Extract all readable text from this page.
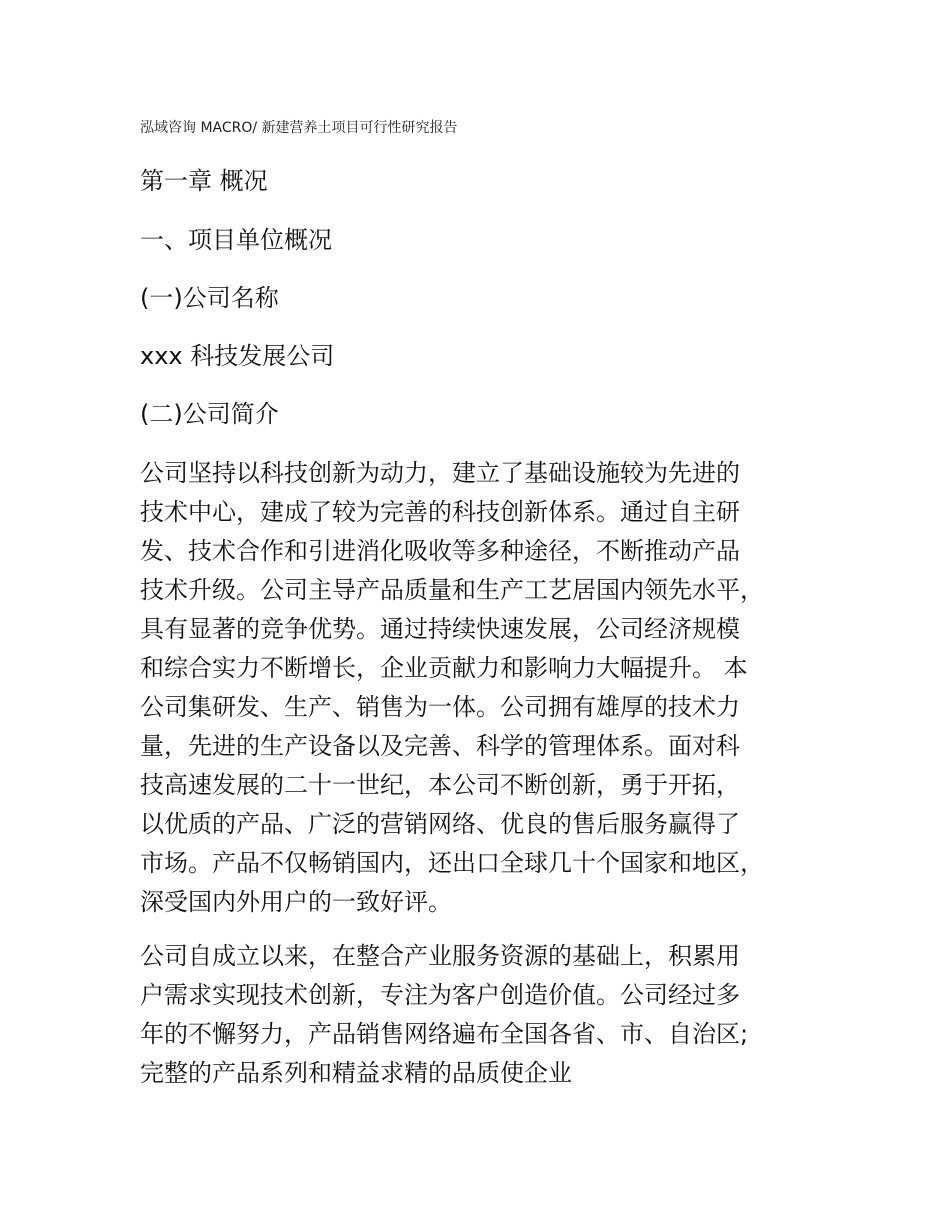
泓域咨询 MACRO/ 新建营养土项目可行性研究报告
第一章 概况
一、项目单位概况
(一)公司名称
xxx 科技发展公司
(二)公司简介

公司坚持以科技创新为动力，建立了基础设施较为先进的
技术中心，建成了较为完善的科技创新体系。通过自主研
发、技术合作和引进消化吸收等多种途径，不断推动产品
技术升级。公司主导产品质量和生产工艺居国内领先水平，
具有显著的竞争优势。通过持续快速发展，公司经济规模
和综合实力不断增长，企业贡献力和影响力大幅提升。 本
公司集研发、生产、销售为一体。公司拥有雄厚的技术力
量，先进的生产设备以及完善、科学的管理体系。面对科
技高速发展的二十一世纪，本公司不断创新，勇于开拓，
以优质的产品、广泛的营销网络、优良的售后服务赢得了
市场。产品不仅畅销国内，还出口全球几十个国家和地区，
深受国内外用户的一致好评。

公司自成立以来，在整合产业服务资源的基础上，积累用
户需求实现技术创新，专注为客户创造价值。公司经过多
年的不懈努力，产品销售网络遍布全国各省、市、自治区;
完整的产品系列和精益求精的品质使企业
